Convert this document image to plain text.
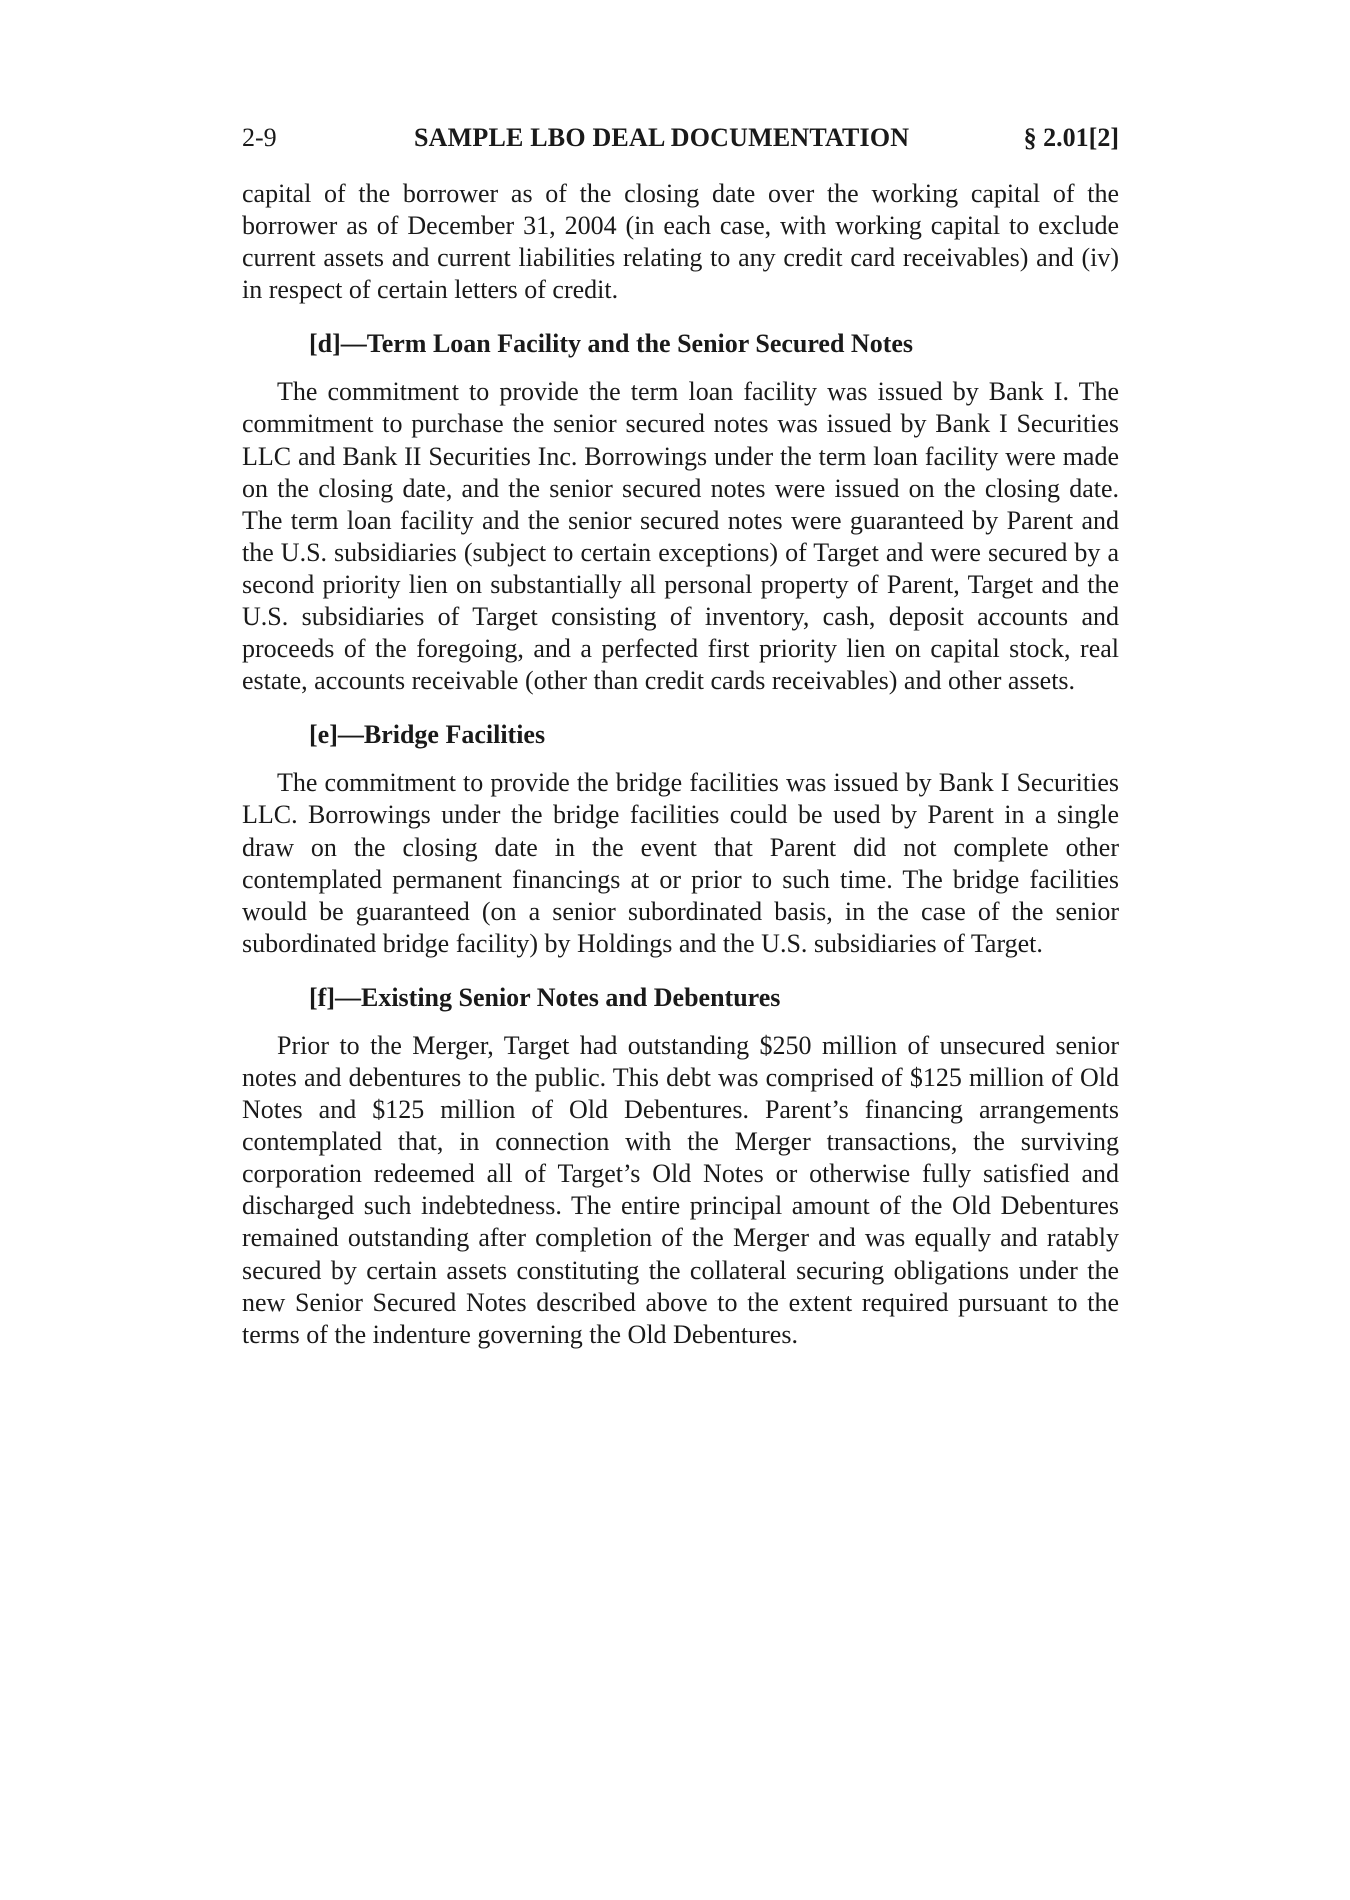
2-9	SAMPLE LBO DEAL DOCUMENTATION	§ 2.01[2]

capital of the borrower as of the closing date over the working capital of the borrower as of December 31, 2004 (in each case, with working capital to exclude current assets and current liabilities relating to any credit card receivables) and (iv) in respect of certain letters of credit.

[d]—Term Loan Facility and the Senior Secured Notes

The commitment to provide the term loan facility was issued by Bank I. The commitment to purchase the senior secured notes was issued by Bank I Securities LLC and Bank II Securities Inc. Borrowings under the term loan facility were made on the closing date, and the senior secured notes were issued on the closing date. The term loan facility and the senior secured notes were guaranteed by Parent and the U.S. subsidiaries (subject to certain exceptions) of Target and were secured by a second priority lien on substantially all personal property of Parent, Target and the U.S. subsidiaries of Target consisting of inventory, cash, deposit accounts and proceeds of the foregoing, and a perfected first priority lien on capital stock, real estate, accounts receivable (other than credit cards receivables) and other assets.

[e]—Bridge Facilities

The commitment to provide the bridge facilities was issued by Bank I Securities LLC. Borrowings under the bridge facilities could be used by Parent in a single draw on the closing date in the event that Parent did not complete other contemplated permanent financings at or prior to such time. The bridge facilities would be guaranteed (on a senior subordinated basis, in the case of the senior subordinated bridge facility) by Holdings and the U.S. subsidiaries of Target.

[f]—Existing Senior Notes and Debentures

Prior to the Merger, Target had outstanding $250 million of unsecured senior notes and debentures to the public. This debt was comprised of $125 million of Old Notes and $125 million of Old Debentures. Parent’s financing arrangements contemplated that, in connection with the Merger transactions, the surviving corporation redeemed all of Target’s Old Notes or otherwise fully satisfied and discharged such indebtedness. The entire principal amount of the Old Debentures remained outstanding after completion of the Merger and was equally and ratably secured by certain assets constituting the collateral securing obligations under the new Senior Secured Notes described above to the extent required pursuant to the terms of the indenture governing the Old Debentures.
